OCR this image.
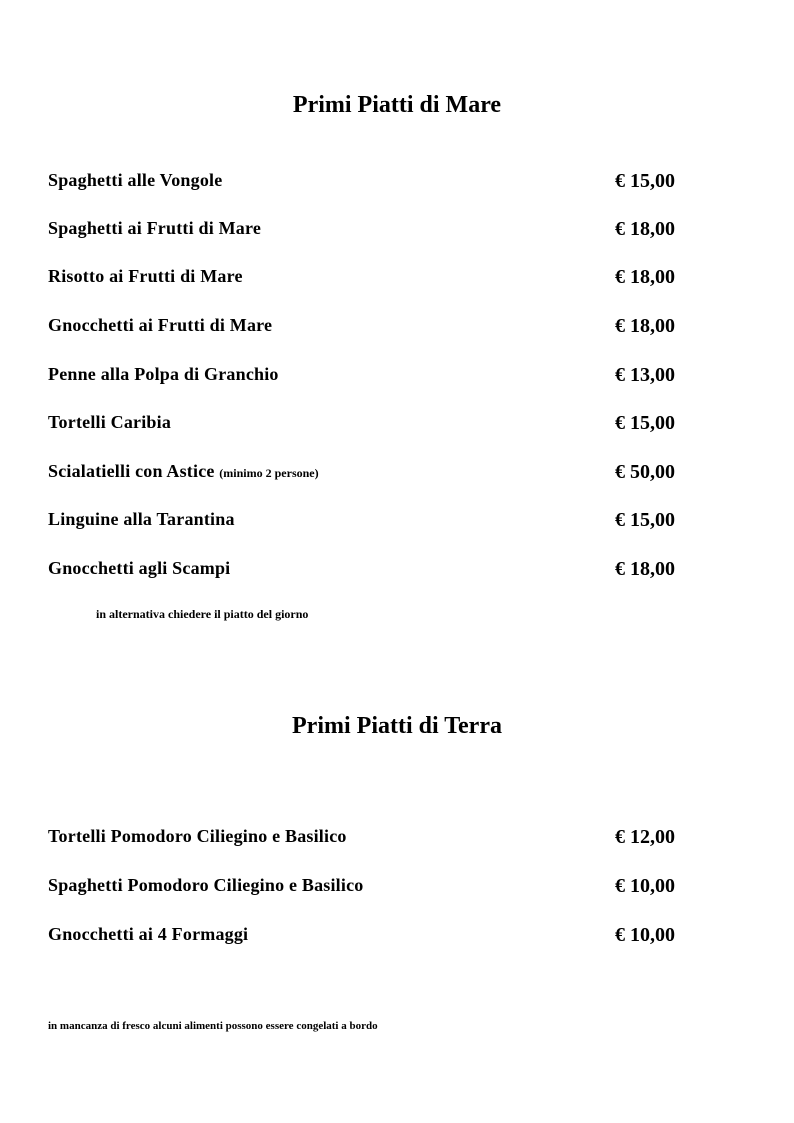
Primi Piatti di Mare
Spaghetti alle Vongole	€ 15,00
Spaghetti ai Frutti di Mare	€ 18,00
Risotto ai Frutti di Mare	€ 18,00
Gnocchetti ai Frutti di Mare	€ 18,00
Penne alla Polpa di Granchio	€ 13,00
Tortelli Caribia	€ 15,00
Scialatielli con Astice (minimo 2 persone)	€ 50,00
Linguine alla Tarantina	€ 15,00
Gnocchetti agli Scampi	€ 18,00
in alternativa chiedere il piatto del giorno
Primi Piatti di Terra
Tortelli Pomodoro Ciliegino e Basilico	€ 12,00
Spaghetti Pomodoro Ciliegino e Basilico	€ 10,00
Gnocchetti ai 4 Formaggi	€ 10,00
in mancanza di fresco alcuni alimenti possono essere congelati a bordo
